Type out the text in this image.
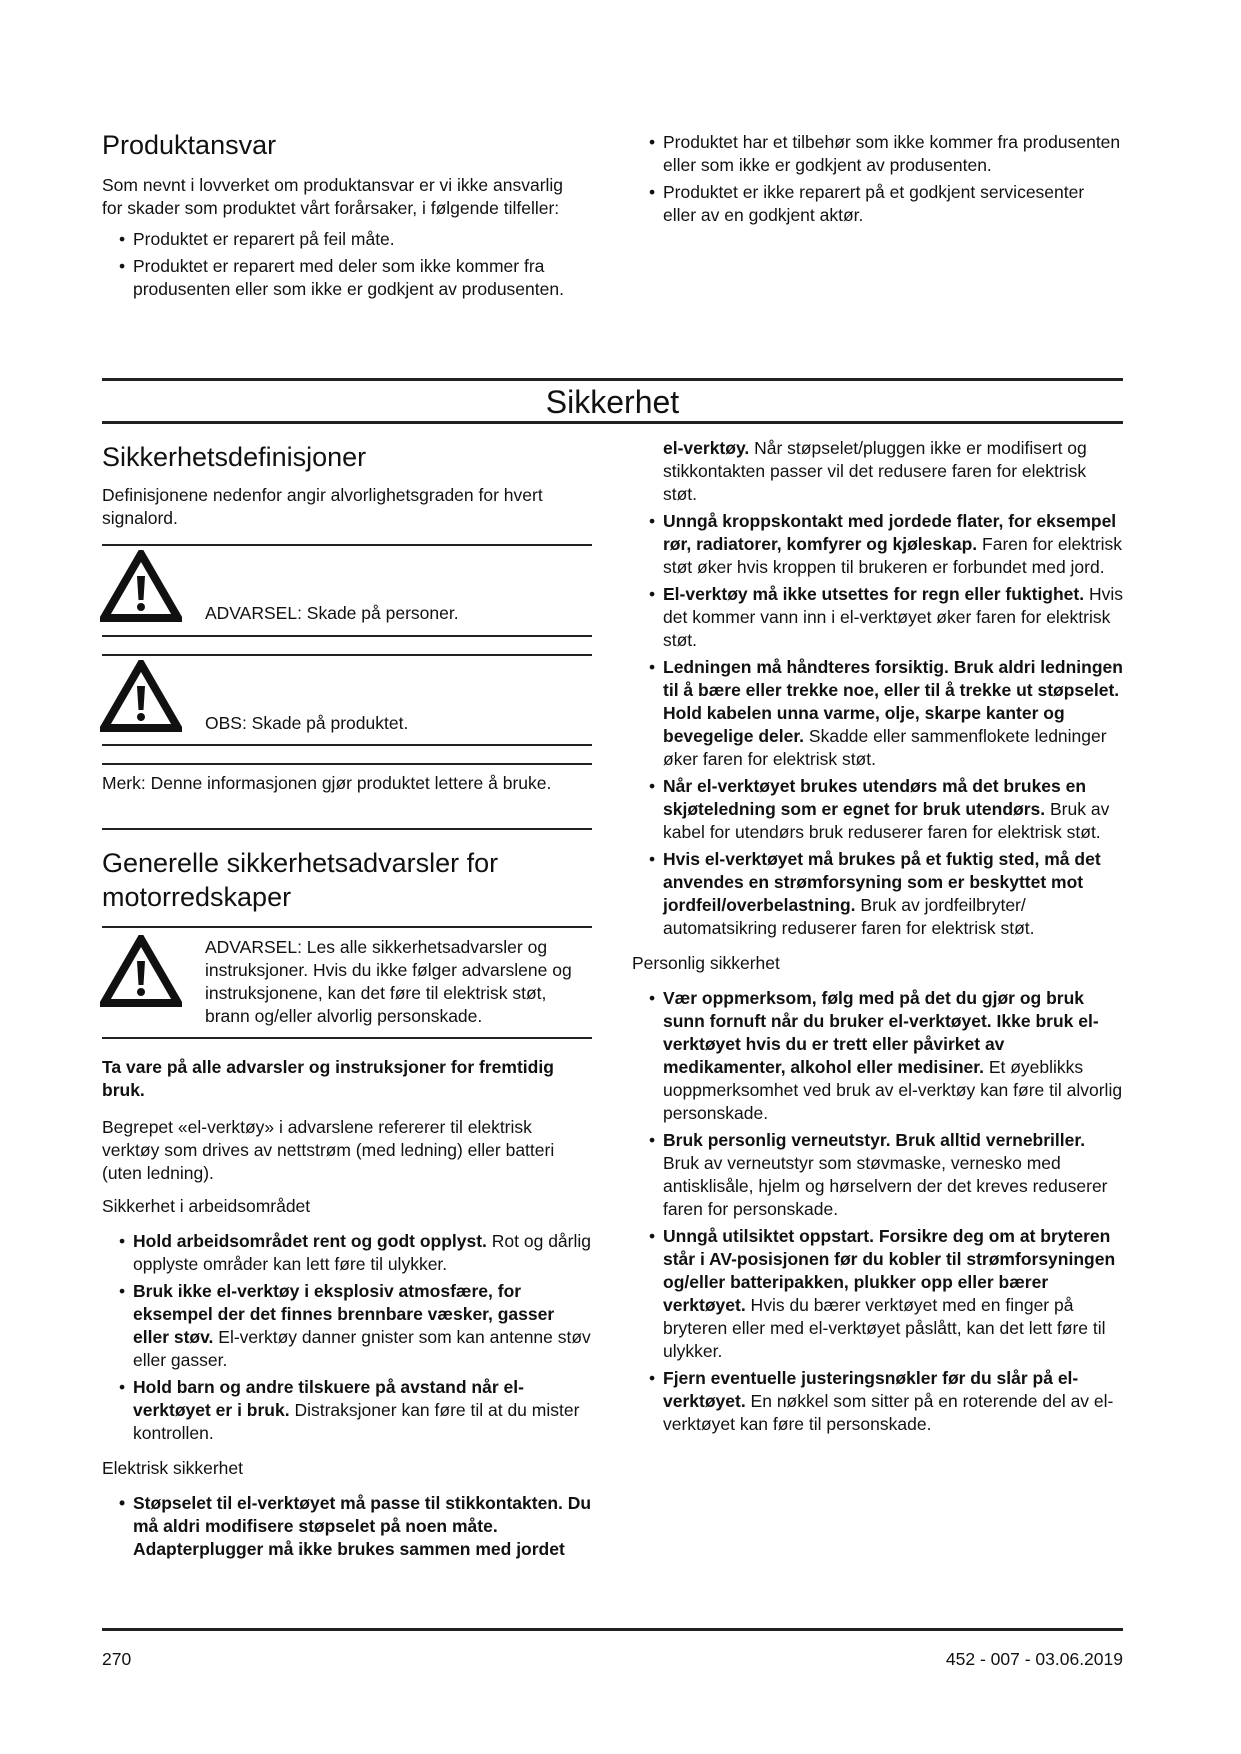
Produktansvar

Som nevnt i lovverket om produktansvar er vi ikke ansvarlig for skader som produktet vårt forårsaker, i følgende tilfeller:

• Produktet er reparert på feil måte.

• Produktet er reparert med deler som ikke kommer fra produsenten eller som ikke er godkjent av produsenten.

• Produktet har et tilbehør som ikke kommer fra produsenten eller som ikke er godkjent av produsenten.

• Produktet er ikke reparert på et godkjent servicesenter eller av en godkjent aktør.

Sikkerhet
Sikkerhetsdefinisjoner

Definisjonene nedenfor angir alvorlighetsgraden for hvert signalord.

ADVARSEL: Skade på personer.
OBS: Skade på produktet.
Merk: Denne informasjonen gjør produktet lettere å bruke.
Generelle sikkerhetsadvarsler for motorredskaper
ADVARSEL: Les alle sikkerhetsadvarsler og instruksjoner. Hvis du ikke følger advarslene og instruksjonene, kan det føre til elektrisk støt, brann og/eller alvorlig personskade.

Ta vare på alle advarsler og instruksjoner for fremtidig bruk.

Begrepet «el-verktøy» i advarslene refererer til elektrisk verktøy som drives av nettstrøm (med ledning) eller batteri (uten ledning).

Sikkerhet i arbeidsområdet

• Hold arbeidsområdet rent og godt opplyst. Rot og dårlig opplyste områder kan lett føre til ulykker.

• Bruk ikke el-verktøy i eksplosiv atmosfære, for eksempel der det finnes brennbare væsker, gasser eller støv. El-verktøy danner gnister som kan antenne støv eller gasser.

• Hold barn og andre tilskuere på avstand når el-verktøyet er i bruk. Distraksjoner kan føre til at du mister kontrollen.

Elektrisk sikkerhet

• Støpselet til el-verktøyet må passe til stikkontakten. Du må aldri modifisere støpselet på noen måte. Adapterplugger må ikke brukes sammen med jordet

el-verktøy. Når støpselet/pluggen ikke er modifisert og stikkontakten passer vil det redusere faren for elektrisk støt.

• Unngå kroppskontakt med jordede flater, for eksempel rør, radiatorer, komfyrer og kjøleskap. Faren for elektrisk støt øker hvis kroppen til brukeren er forbundet med jord.

• El-verktøy må ikke utsettes for regn eller fuktighet. Hvis det kommer vann inn i el-verktøyet øker faren for elektrisk støt.

• Ledningen må håndteres forsiktig. Bruk aldri ledningen til å bære eller trekke noe, eller til å trekke ut støpselet. Hold kabelen unna varme, olje, skarpe kanter og bevegelige deler. Skadde eller sammenflokete ledninger øker faren for elektrisk støt.

• Når el-verktøyet brukes utendørs må det brukes en skjøteledning som er egnet for bruk utendørs. Bruk av kabel for utendørs bruk reduserer faren for elektrisk støt.

• Hvis el-verktøyet må brukes på et fuktig sted, må det anvendes en strømforsyning som er beskyttet mot jordfeil/overbelastning. Bruk av jordfeilbryter/ automatsikring reduserer faren for elektrisk støt.

Personlig sikkerhet

• Vær oppmerksom, følg med på det du gjør og bruk sunn fornuft når du bruker el-verktøyet. Ikke bruk el-verktøyet hvis du er trett eller påvirket av medikamenter, alkohol eller medisiner. Et øyeblikks uoppmerksomhet ved bruk av el-verktøy kan føre til alvorlig personskade.

• Bruk personlig verneutstyr. Bruk alltid vernebriller. Bruk av verneutstyr som støvmaske, vernesko med antisklisåle, hjelm og hørselvern der det kreves reduserer faren for personskade.

• Unngå utilsiktet oppstart. Forsikre deg om at bryteren står i AV-posisjonen før du kobler til strømforsyningen og/eller batteripakken, plukker opp eller bærer verktøyet. Hvis du bærer verktøyet med en finger på bryteren eller med el-verktøyet påslått, kan det lett føre til ulykker.

• Fjern eventuelle justeringsnøkler før du slår på el-verktøyet. En nøkkel som sitter på en roterende del av el-verktøyet kan føre til personskade.

270	452 - 007 - 03.06.2019
